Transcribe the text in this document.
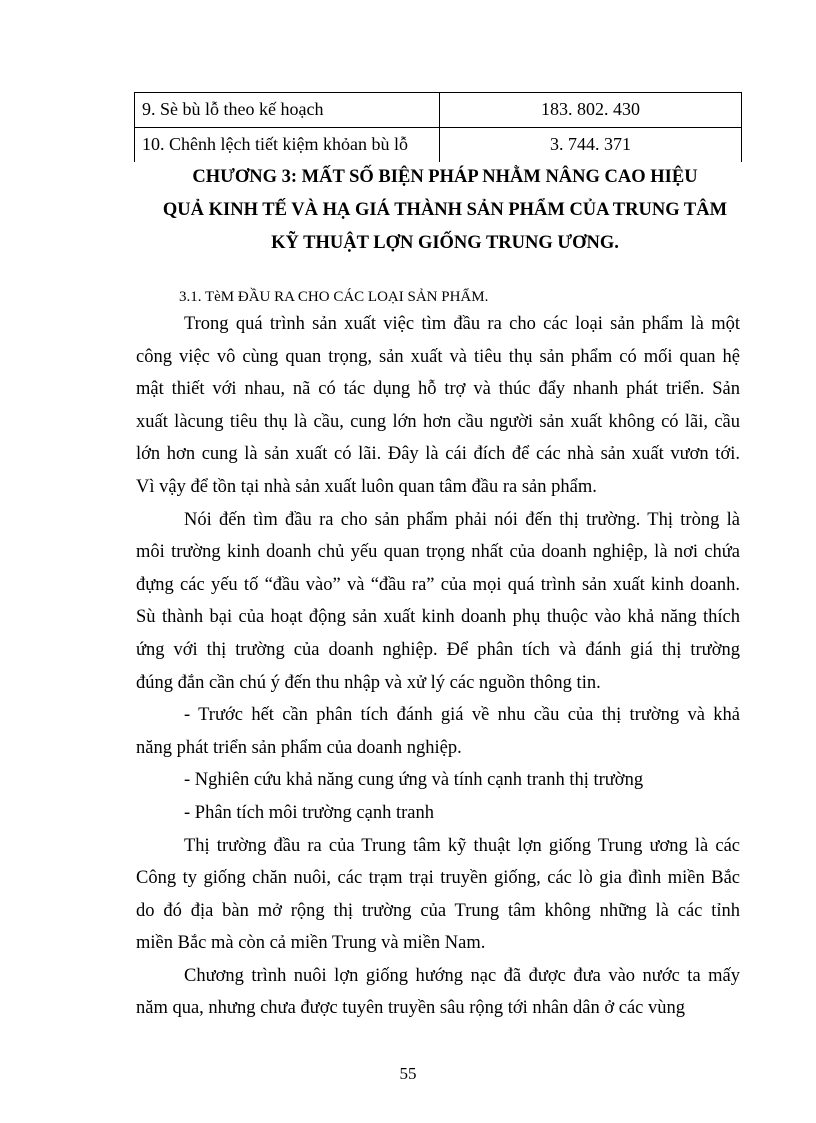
9. Sè bù lỗ theo kế hoạch	183. 802. 430
10. Chênh lệch tiết kiệm khỏan bù lỗ	3. 744. 371
CHƯƠNG 3: MẤT SỐ BIỆN PHÁP NHẰM NÂNG CAO HIỆU
QUẢ KINH TẾ VÀ HẠ GIÁ THÀNH SẢN PHẨM CỦA TRUNG TÂM
KỸ THUẬT LỢN GIỐNG TRUNG ƯƠNG.
3.1. TèM ĐẦU RA CHO CÁC LOẠI SẢN PHẨM.
Trong quá trình sản xuất việc tìm đầu ra cho các loại sản phẩm là một
công việc vô cùng quan trọng, sản xuất và tiêu thụ sản phẩm có mối quan hệ
mật thiết với nhau, nã có tác dụng hỗ trợ và thúc đẩy nhanh phát triển. Sản
xuất làcung tiêu thụ là cầu, cung lớn hơn cầu người sản xuất không có lãi, cầu
lớn hơn cung là sản xuất có lãi. Đây là cái đích để các nhà sản xuất vươn tới.
Vì vậy để tồn tại nhà sản xuất luôn quan tâm đầu ra sản phẩm.
Nói đến tìm đầu ra cho sản phẩm phải nói đến thị trường. Thị tròng là
môi trường kinh doanh chủ yếu quan trọng nhất của doanh nghiệp, là nơi chứa
đựng các yếu tố “đầu vào” và “đầu ra” của mọi quá trình sản xuất kinh doanh.
Sù thành bại của hoạt động sản xuất kinh doanh phụ thuộc vào khả năng thích
ứng với thị trường của doanh nghiệp. Để phân tích và đánh giá thị trường
đúng đắn cần chú ý đến thu nhập và xử lý các nguồn thông tin.
- Trước hết cần phân tích đánh giá về nhu cầu của thị trường và khả
năng phát triển sản phẩm của doanh nghiệp.
- Nghiên cứu khả năng cung ứng và tính cạnh tranh thị trường
- Phân tích môi trường cạnh tranh
Thị trường đầu ra của Trung tâm kỹ thuật lợn giống Trung ương là các
Công ty giống chăn nuôi, các trạm trại truyền giống, các lò gia đình miền Bắc
do đó địa bàn mở rộng thị trường của Trung tâm không những là các tỉnh
miền Bắc mà còn cả miền Trung và miền Nam.
Chương trình nuôi lợn giống hướng nạc đã được đưa vào nước ta mấy
năm qua, nhưng chưa được tuyên truyền sâu rộng tới nhân dân ở các vùng
55
